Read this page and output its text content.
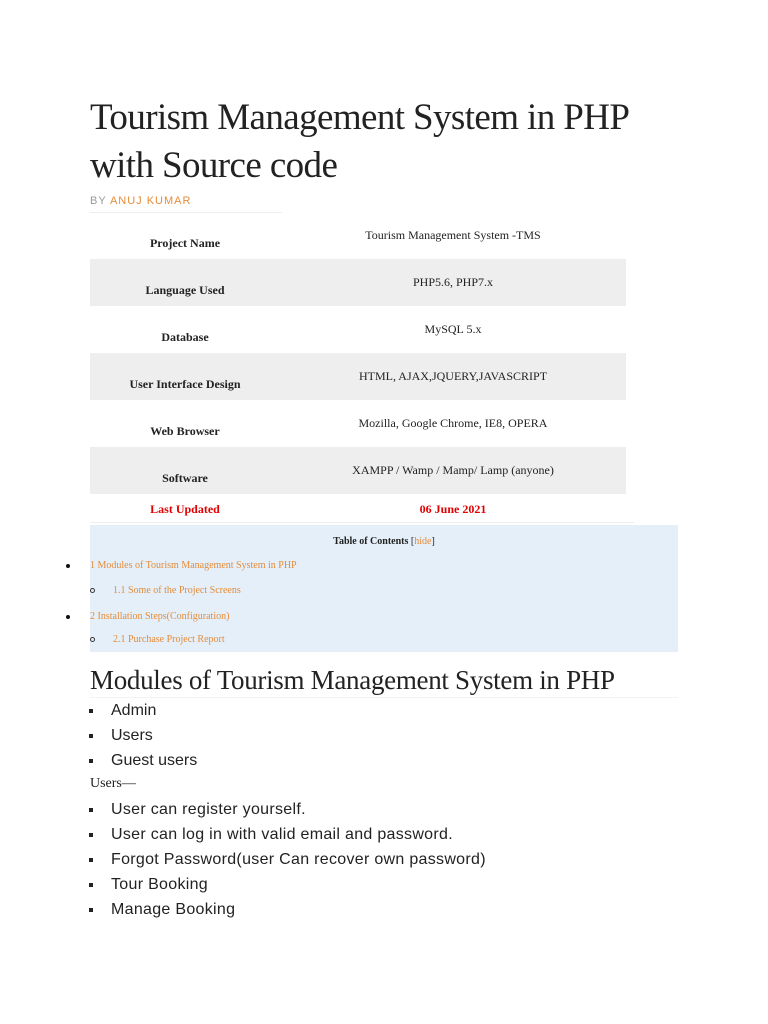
Tourism Management System in PHP with Source code
BY ANUJ KUMAR
Project Name
Tourism Management System -TMS
Language Used
PHP5.6, PHP7.x
Database
MySQL 5.x
User Interface Design
HTML, AJAX,JQUERY,JAVASCRIPT
Web Browser
Mozilla, Google Chrome, IE8, OPERA
Software
XAMPP / Wamp / Mamp/ Lamp (anyone)
Last Updated	06 June 2021
Table of Contents [hide]
1 Modules of Tourism Management System in PHP
1.1 Some of the Project Screens
2 Installation Steps(Configuration)
2.1 Purchase Project Report
Modules of Tourism Management System in PHP
Admin
Users
Guest users
Users—
User can register yourself.
User can log in with valid email and password.
Forgot Password(user Can recover own password)
Tour Booking
Manage Booking
